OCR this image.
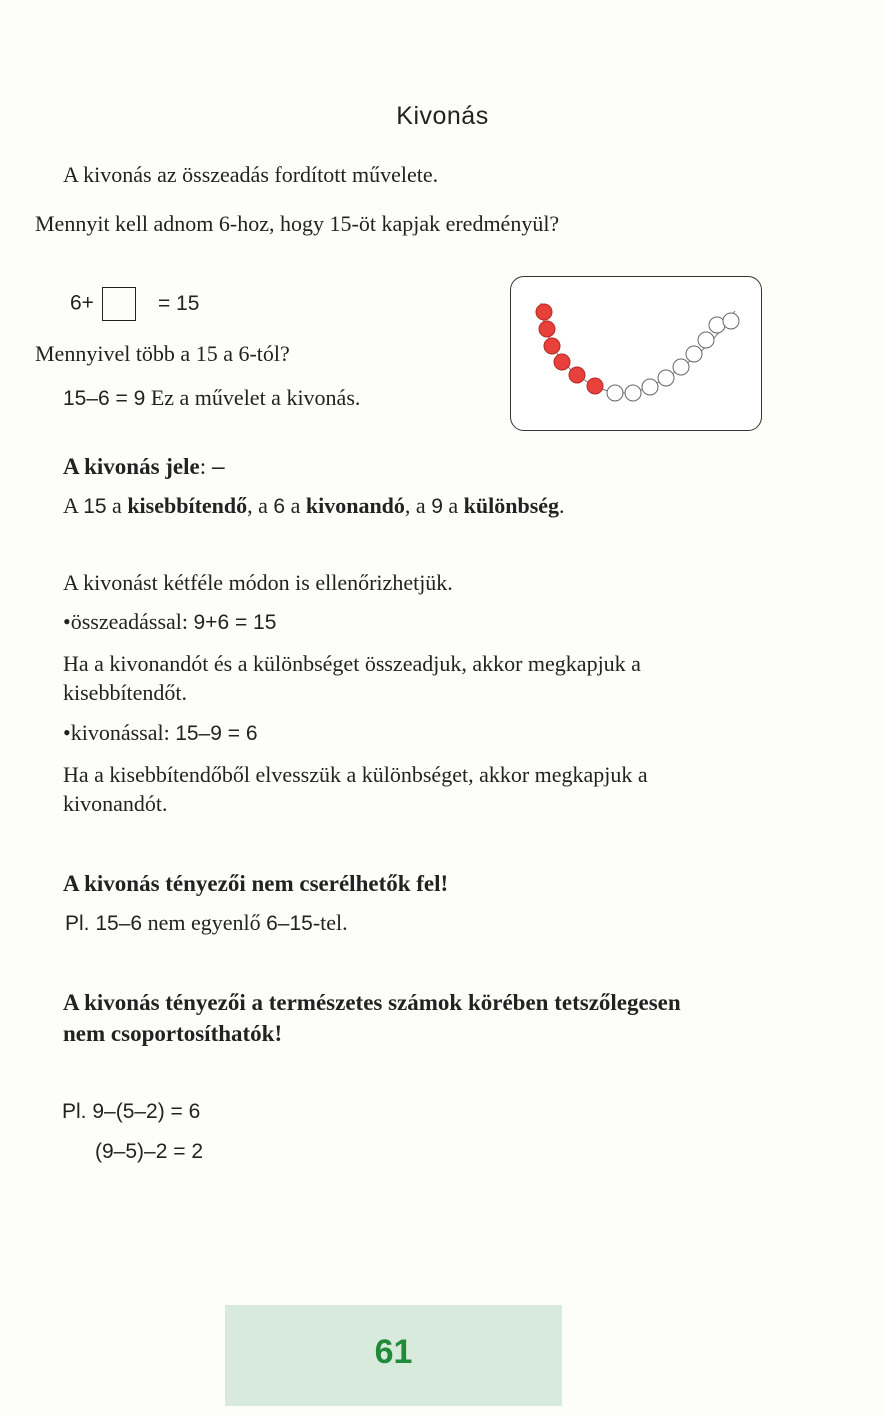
Kivonás
A kivonás az összeadás fordított művelete.
Mennyit kell adnom 6-hoz, hogy 15-öt kapjak eredményül?
6+	= 15
Mennyivel több a 15 a 6-tól?
15–6 = 9 Ez a művelet a kivonás.
A kivonás jele: –
A 15 a kisebbítendő, a 6 a kivonandó, a 9 a különbség.
A kivonást kétféle módon is ellenőrizhetjük.
•összeadással: 9+6 = 15
Ha a kivonandót és a különbséget összeadjuk, akkor megkapjuk a
kisebbítendőt.
•kivonással: 15–9 = 6
Ha a kisebbítendőből elvesszük a különbséget, akkor megkapjuk a
kivonandót.
A kivonás tényezői nem cserélhetők fel!
Pl. 15–6 nem egyenlő 6–15-tel.
A kivonás tényezői a természetes számok körében tetszőlegesen
nem csoportosíthatók!
Pl. 9–(5–2) = 6
(9–5)–2 = 2
61
